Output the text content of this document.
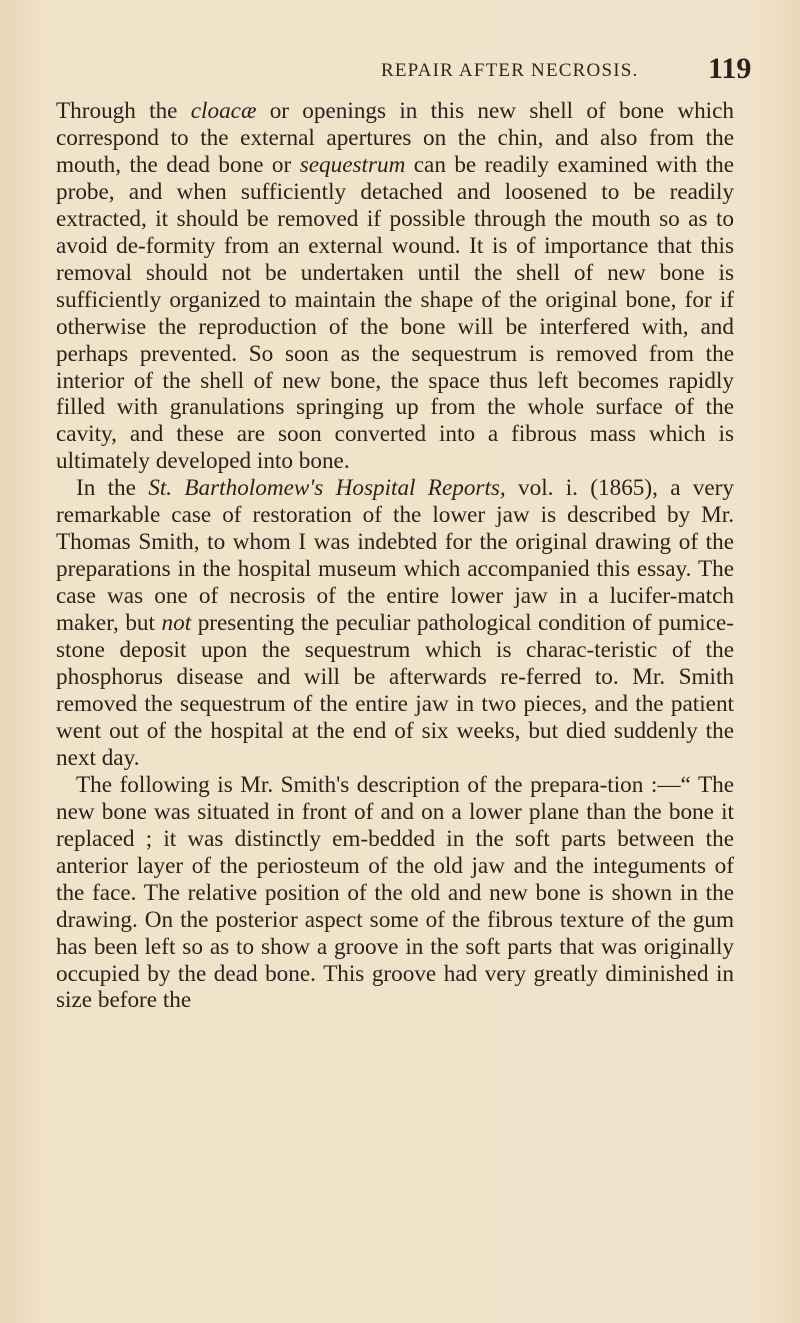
REPAIR AFTER NECROSIS. 119

Through the cloacæ or openings in this new shell of bone which correspond to the external apertures on the chin, and also from the mouth, the dead bone or sequestrum can be readily examined with the probe, and when sufficiently detached and loosened to be readily extracted, it should be removed if possible through the mouth so as to avoid de-formity from an external wound. It is of importance that this removal should not be undertaken until the shell of new bone is sufficiently organized to maintain the shape of the original bone, for if otherwise the reproduction of the bone will be interfered with, and perhaps prevented. So soon as the sequestrum is removed from the interior of the shell of new bone, the space thus left becomes rapidly filled with granulations springing up from the whole surface of the cavity, and these are soon converted into a fibrous mass which is ultimately developed into bone.

In the St. Bartholomew's Hospital Reports, vol. i. (1865), a very remarkable case of restoration of the lower jaw is described by Mr. Thomas Smith, to whom I was indebted for the original drawing of the preparations in the hospital museum which accompanied this essay. The case was one of necrosis of the entire lower jaw in a lucifer-match maker, but not presenting the peculiar pathological condition of pumice-stone deposit upon the sequestrum which is charac-teristic of the phosphorus disease and will be afterwards re-ferred to. Mr. Smith removed the sequestrum of the entire jaw in two pieces, and the patient went out of the hospital at the end of six weeks, but died suddenly the next day.

The following is Mr. Smith's description of the prepara-tion :—“ The new bone was situated in front of and on a lower plane than the bone it replaced ; it was distinctly em-bedded in the soft parts between the anterior layer of the periosteum of the old jaw and the integuments of the face. The relative position of the old and new bone is shown in the drawing. On the posterior aspect some of the fibrous texture of the gum has been left so as to show a groove in the soft parts that was originally occupied by the dead bone. This groove had very greatly diminished in size before the
